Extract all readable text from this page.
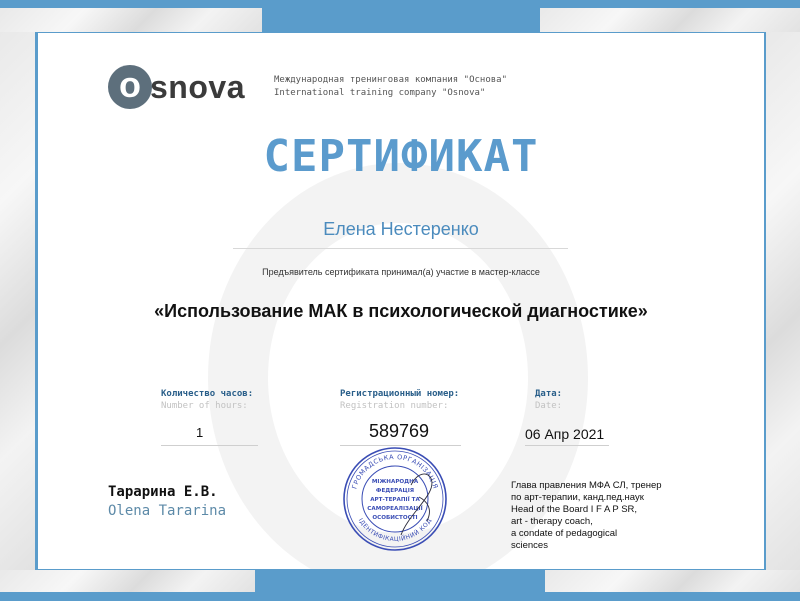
o snova	Международная тренинговая компания "Основа"
International training company "Osnova"
СЕРТИФИКАТ
Елена Нестеренко
Предъявитель сертификата принимал(а) участие в мастер-классе
«Использование МАК в психологической диагностике»
Количество часов:
Number of hours:
1
Регистрационный номер:
Registration number:
589769
Дата:
Date:
06 Апр 2021
Тарарина Е.В.
Olena Tararina
ГРОМАДСЬКА ОРГАНІЗАЦІЯ
ІДЕНТИФІКАЦІЙНИЙ КОД
МІЖНАРОДНА
ФЕДЕРАЦІЯ
АРТ-ТЕРАПІЇ ТА
САМОРЕАЛІЗАЦІЇ
ОСОБИСТОСТІ
Глава правления МФА СЛ, тренер
по арт-терапии, канд.пед.наук
Head of the Board I F A P SR,
art - therapy coach,
a condate of pedagogical
sciences
